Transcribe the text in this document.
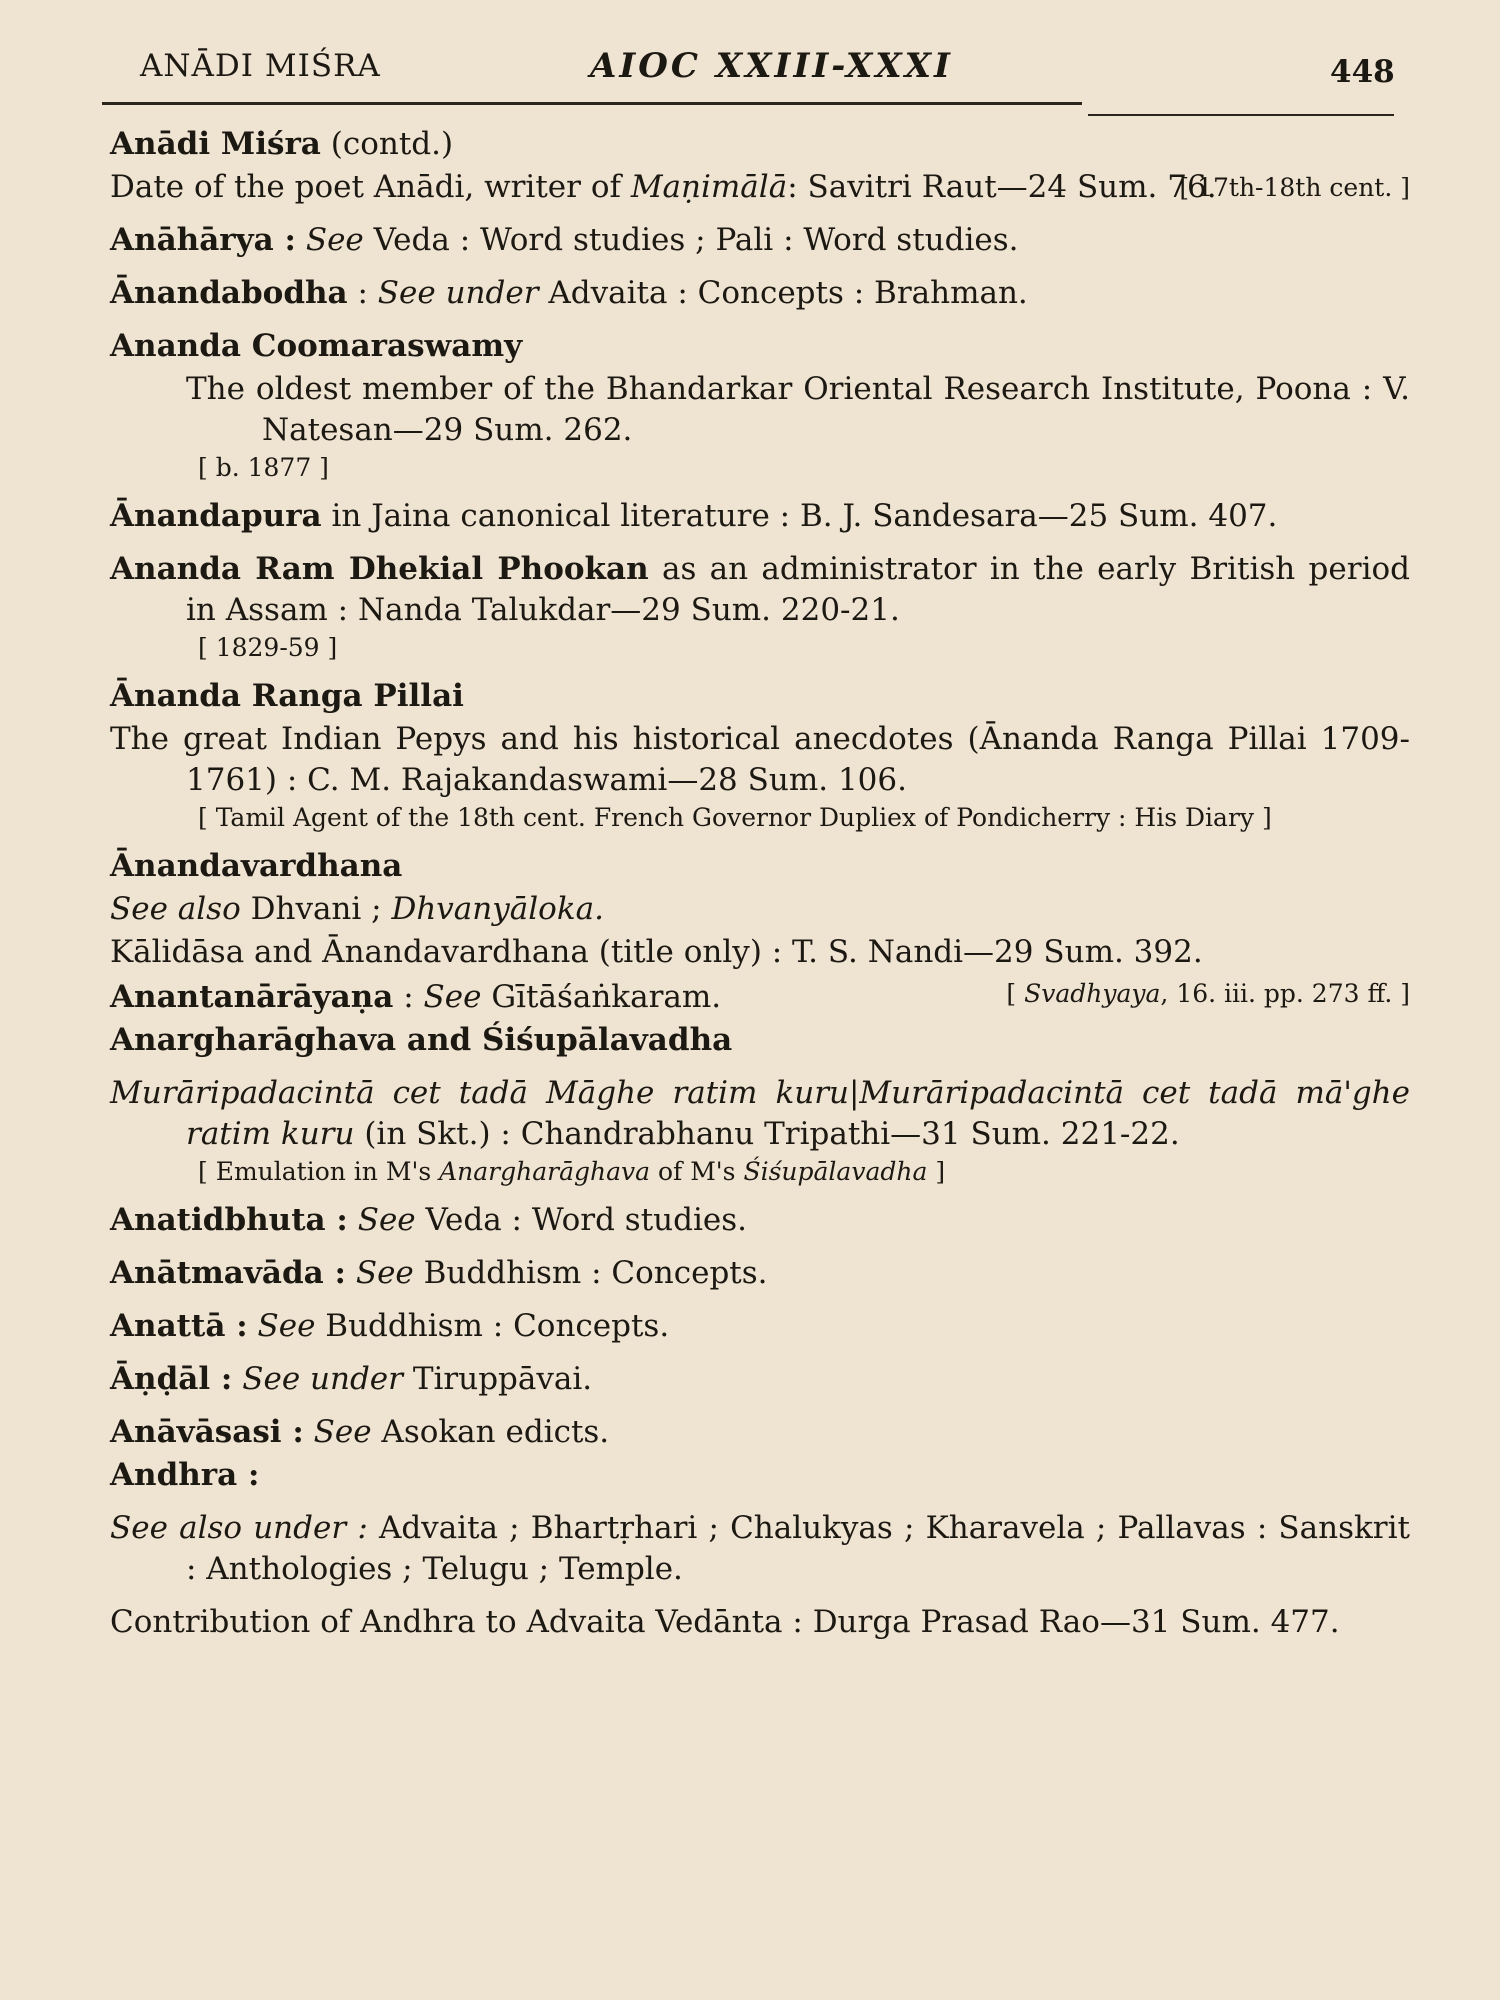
ANĀDI MIŚRA	AIOC XXIII-XXXI	448
Anādi Miśra (contd.)
Date of the poet Anādi, writer of Maṇimālā: Savitri Raut—24 Sum. 76.
[ 17th-18th cent. ]
Anāhārya : See Veda : Word studies ; Pali : Word studies.
Ānandabodha : See under Advaita : Concepts : Brahman.
Ananda Coomaraswamy
The oldest member of the Bhandarkar Oriental Research Institute, Poona : V. Natesan—29 Sum. 262.
[ b. 1877 ]
Ānandapura in Jaina canonical literature : B. J. Sandesara—25 Sum. 407.
Ananda Ram Dhekial Phookan as an administrator in the early British period in Assam : Nanda Talukdar—29 Sum. 220-21.
[ 1829-59 ]
Ānanda Ranga Pillai
The great Indian Pepys and his historical anecdotes (Ānanda Ranga Pillai 1709-1761) : C. M. Rajakandaswami—28 Sum. 106.
[ Tamil Agent of the 18th cent. French Governor Dupliex of Pondicherry : His Diary ]
Ānandavardhana
See also Dhvani ; Dhvanyāloka.
Kālidāsa and Ānandavardhana (title only) : T. S. Nandi—29 Sum. 392.
[ Svadhyaya, 16. iii. pp. 273 ff. ]
Anantanārāyaṇa : See Gītāśaṅkaram.
Anargharāghava and Śiśupālavadha
Murāripadacintā cet tadā Māghe ratim kuru|Murāripadacintā cet tadā mā'ghe ratim kuru (in Skt.) : Chandrabhanu Tripathi—31 Sum. 221-22.
[ Emulation in M's Anargharāghava of M's Śiśupālavadha ]
Anatidbhuta : See Veda : Word studies.
Anātmavāda : See Buddhism : Concepts.
Anattā : See Buddhism : Concepts.
Āṇḍāl : See under Tiruppāvai.
Anāvāsasi : See Asokan edicts.
Andhra :
See also under : Advaita ; Bhartṛhari ; Chalukyas ; Kharavela ; Pallavas : Sanskrit : Anthologies ; Telugu ; Temple.
Contribution of Andhra to Advaita Vedānta : Durga Prasad Rao—31 Sum. 477.
